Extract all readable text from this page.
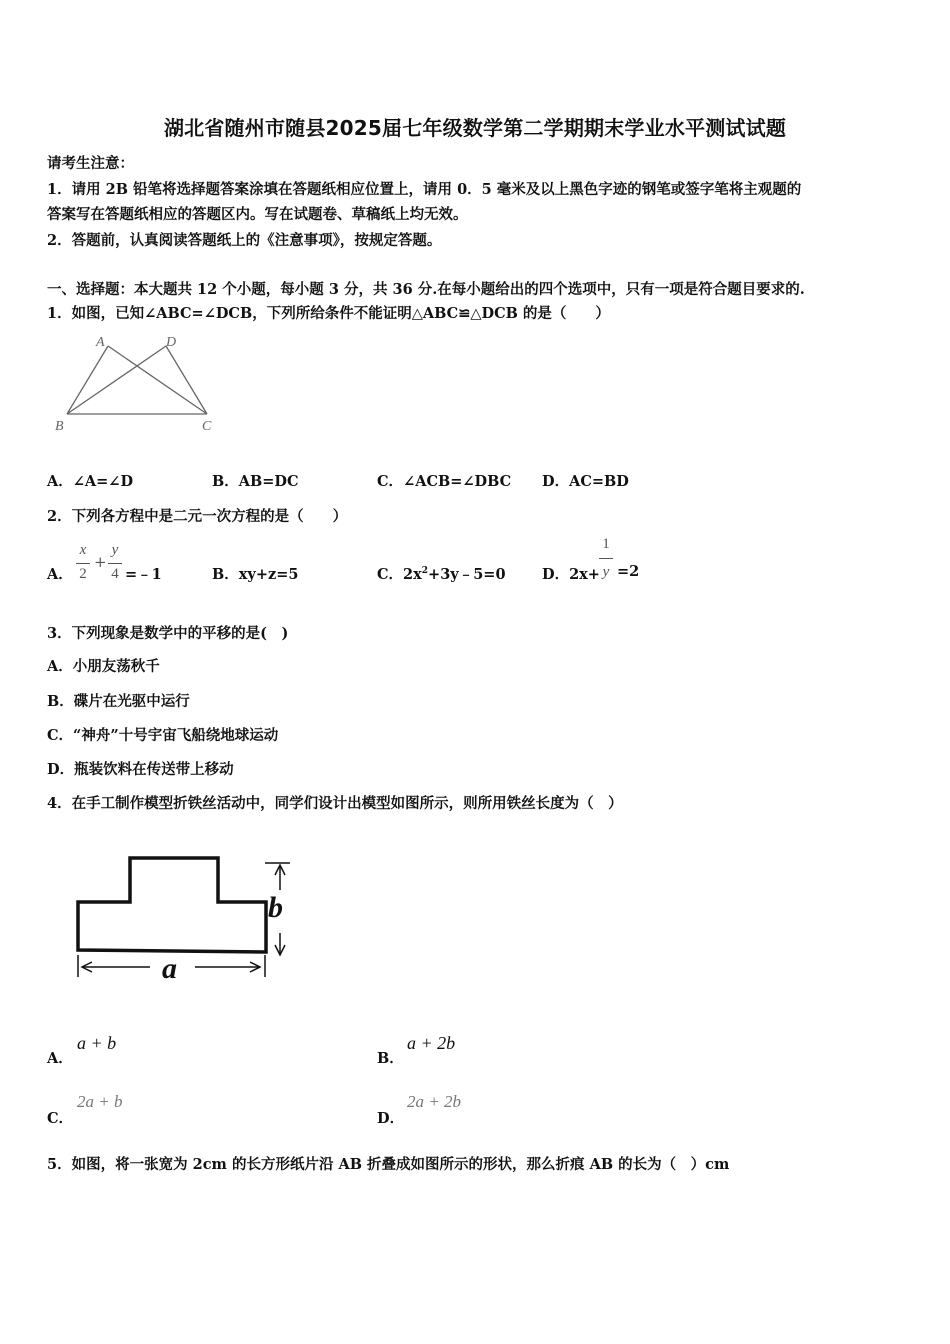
湖北省随州市随县2025届七年级数学第二学期期末学业水平测试试题
请考生注意：
1．请用 2B 铅笔将选择题答案涂填在答题纸相应位置上，请用 0．5 毫米及以上黑色字迹的钢笔或签字笔将主观题的
答案写在答题纸相应的答题区内。写在试题卷、草稿纸上均无效。
2．答题前，认真阅读答题纸上的《注意事项》，按规定答题。
一、选择题：本大题共 12 个小题，每小题 3 分，共 36 分.在每小题给出的四个选项中，只有一项是符合题目要求的.
1．如图，已知∠ABC=∠DCB，下列所给条件不能证明△ABC≌△DCB 的是（　　）
A	D
B	C
A．∠A=∠D	B．AB=DC	C．∠ACB=∠DBC D．AC=BD
2．下列各方程中是二元一次方程的是（　　）
A．
x
2
+
y
4 =﹣1	B．xy+z=5	C．$2x^2+3y﹣5=0$	D．2x+
1
y =2
3．下列现象是数学中的平移的是(　)
A．小朋友荡秋千
B．碟片在光驱中运行
C．“神舟”十号宇宙飞船绕地球运动
D．瓶装饮料在传送带上移动
4．在手工制作模型折铁丝活动中，同学们设计出模型如图所示，则所用铁丝长度为（　）
b
a
A．
a + b
B．
a + 2b
C．
2a + b
D．
2a + 2b
5．如图，将一张宽为 2cm 的长方形纸片沿 AB 折叠成如图所示的形状，那么折痕 AB 的长为（　）cm
